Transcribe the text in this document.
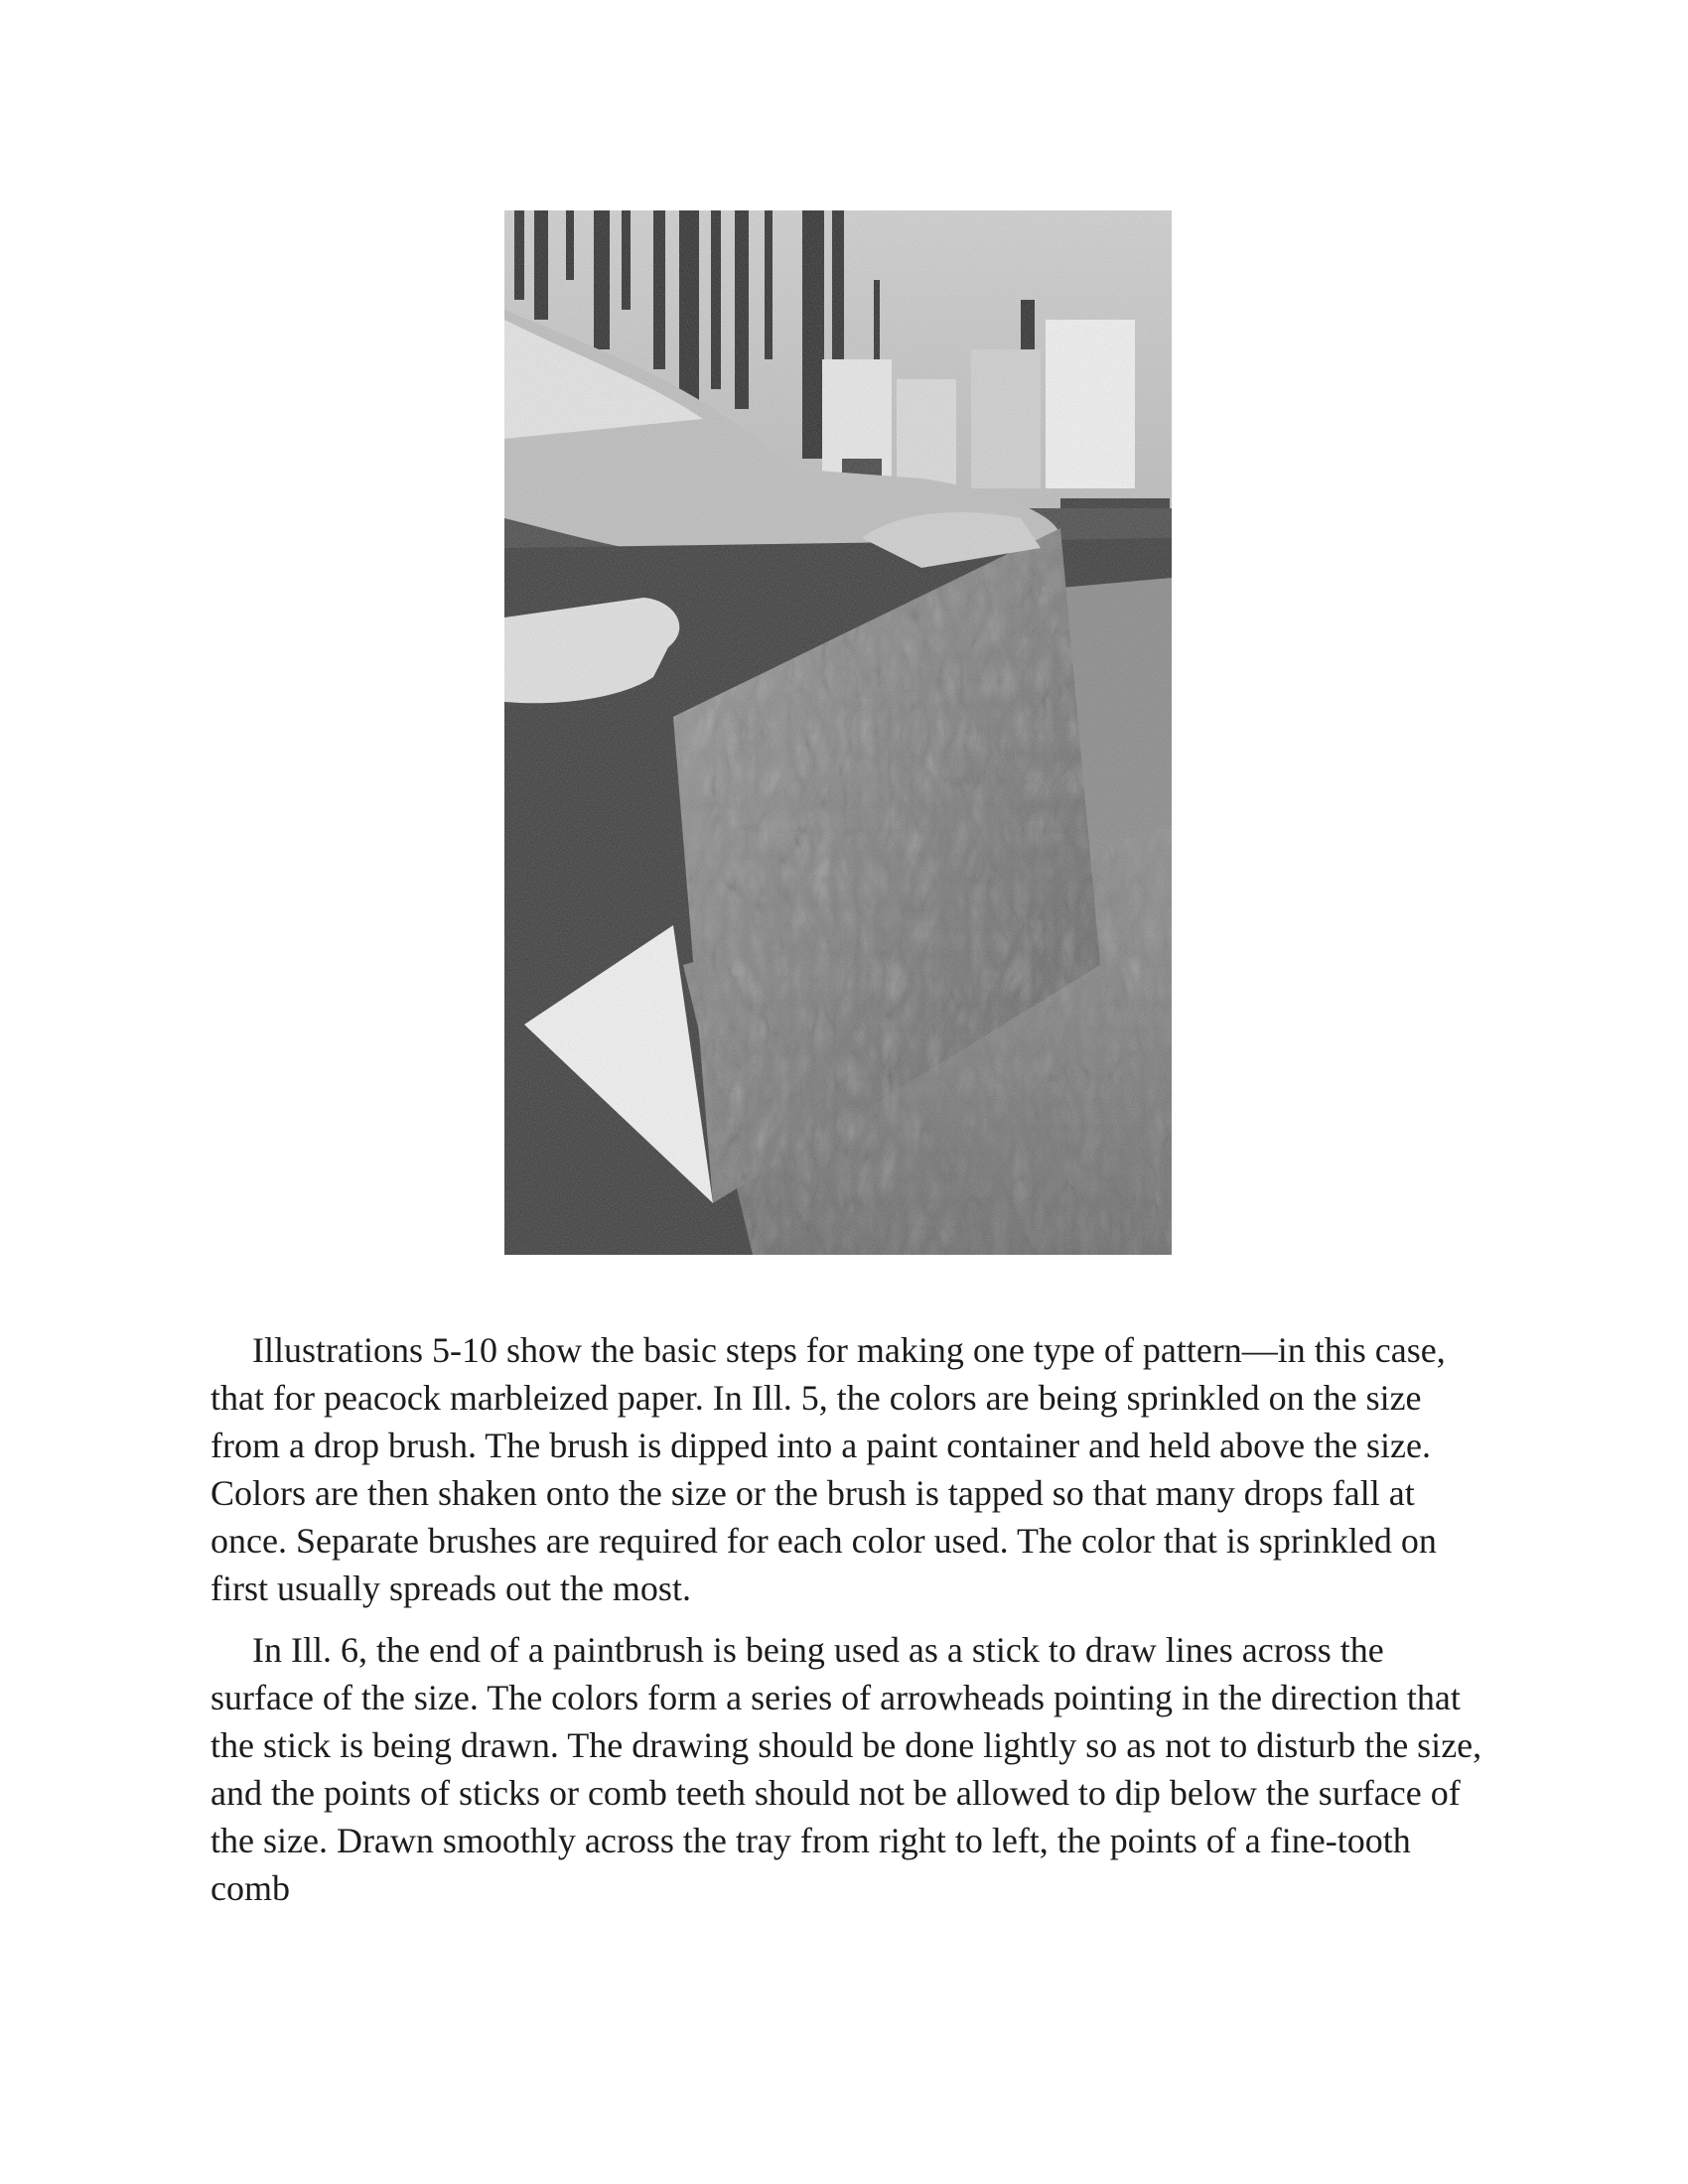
Illustrations 5-10 show the basic steps for making one type of pattern—in this case, that for peacock marbleized paper. In Ill. 5, the colors are being sprinkled on the size from a drop brush. The brush is dipped into a paint container and held above the size. Colors are then shaken onto the size or the brush is tapped so that many drops fall at once. Separate brushes are required for each color used. The color that is sprinkled on first usually spreads out the most.

In Ill. 6, the end of a paintbrush is being used as a stick to draw lines across the surface of the size. The colors form a series of arrowheads pointing in the direction that the stick is being drawn. The drawing should be done lightly so as not to disturb the size, and the points of sticks or comb teeth should not be allowed to dip below the surface of the size. Drawn smoothly across the tray from right to left, the points of a fine-tooth comb
